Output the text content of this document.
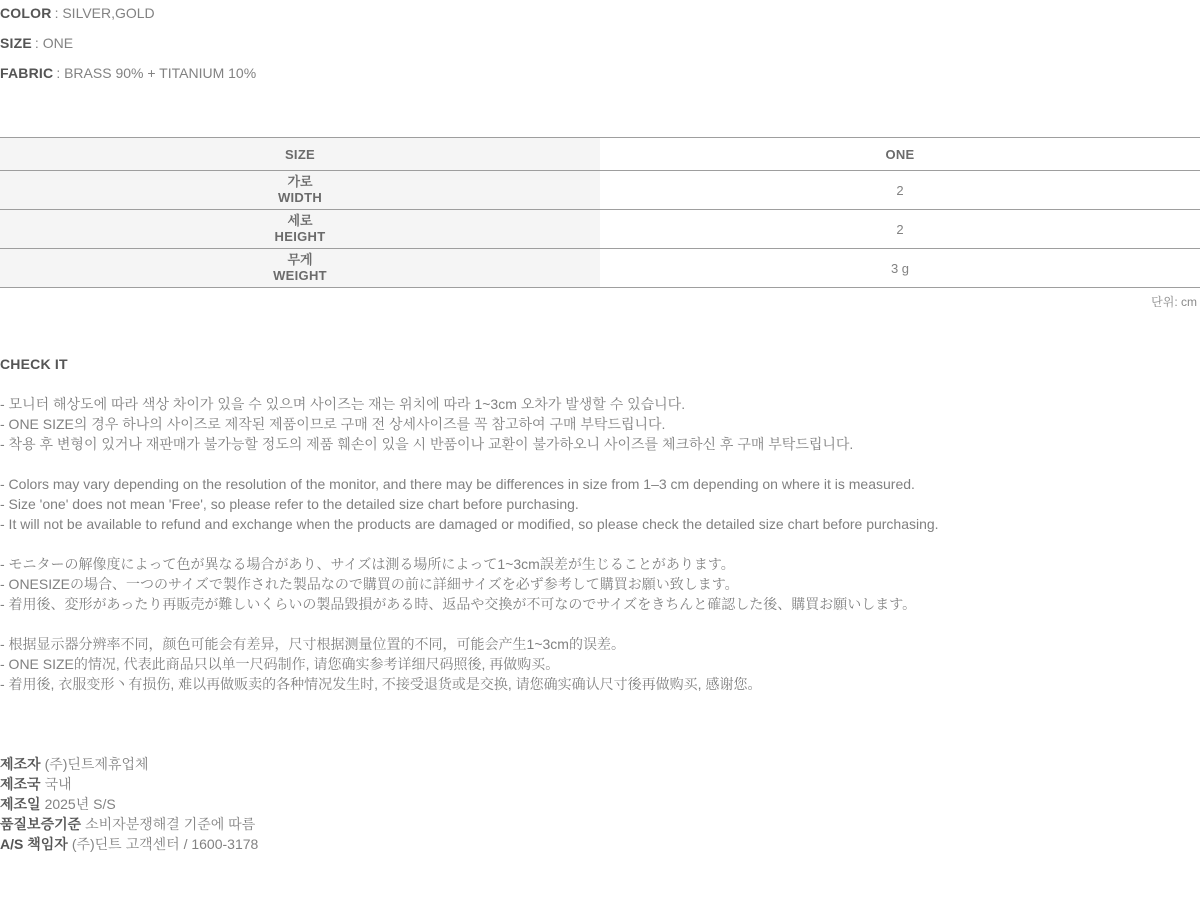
COLOR : SILVER,GOLD

SIZE : ONE

FABRIC : BRASS 90% + TITANIUM 10%

SIZE	ONE

가로
WIDTH	2

세로
HEIGHT	2

무게
WEIGHT	3 g
단위: cm
CHECK IT
- 모니터 해상도에 따라 색상 차이가 있을 수 있으며 사이즈는 재는 위치에 따라 1~3cm 오차가 발생할 수 있습니다.
- ONE SIZE의 경우 하나의 사이즈로 제작된 제품이므로 구매 전 상세사이즈를 꼭 참고하여 구매 부탁드립니다.
- 착용 후 변형이 있거나 재판매가 불가능할 정도의 제품 훼손이 있을 시 반품이나 교환이 불가하오니 사이즈를 체크하신 후 구매 부탁드립니다.
- Colors may vary depending on the resolution of the monitor, and there may be differences in size from 1–3 cm depending on where it is measured.
- Size 'one' does not mean 'Free', so please refer to the detailed size chart before purchasing.
- It will not be available to refund and exchange when the products are damaged or modified, so please check the detailed size chart before purchasing.
- モニターの解像度によって色が異なる場合があり、サイズは測る場所によって1~3cm誤差が生じることがあります。
- ONESIZEの場合、一つのサイズで製作された製品なので購買の前に詳細サイズを必ず参考して購買お願い致します。
- 着用後、変形があったり再販売が難しいくらいの製品毀損がある時、返品や交換が不可なのでサイズをきちんと確認した後、購買お願いします。
- 根据显示器分辨率不同，颜色可能会有差异，尺寸根据测量位置的不同，可能会产生1~3cm的误差。
- ONE SIZE的情况, 代表此商品只以单一尺码制作, 请您确实参考详细尺码照後, 再做购买。
- 着用後, 衣服变形丶有损伤, 难以再做贩卖的各种情况发生时, 不接受退货或是交换, 请您确实确认尺寸後再做购买, 感谢您。
제조자 (주)딘트제휴업체
제조국 국내
제조일 2025년 S/S
품질보증기준 소비자분쟁해결 기준에 따름
A/S 책임자 (주)딘트 고객센터 / 1600-3178
